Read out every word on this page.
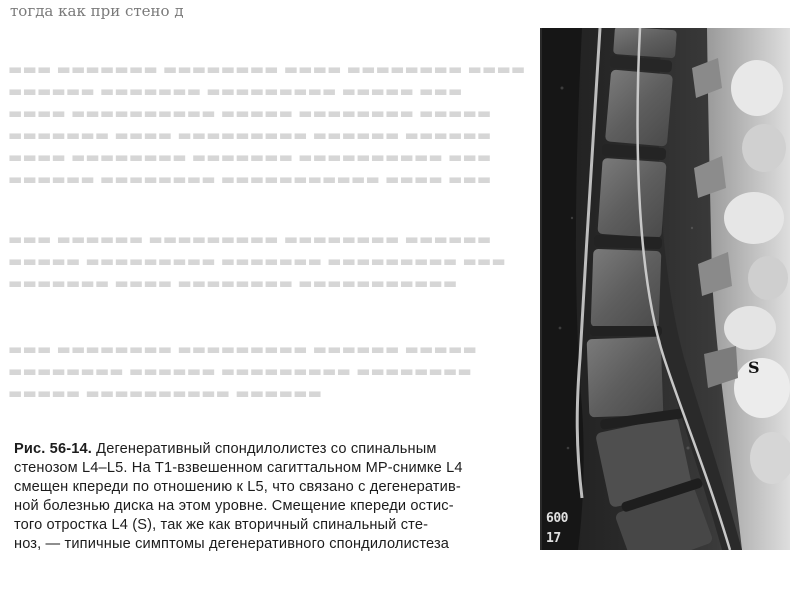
▬▬▬ ▬▬▬▬▬▬▬ ▬▬▬▬▬▬▬▬ ▬▬▬▬ ▬▬▬▬▬▬▬▬ ▬▬▬▬
▬▬▬▬▬▬ ▬▬▬▬▬▬▬ ▬▬▬▬▬▬▬▬▬ ▬▬▬▬▬ ▬▬▬
▬▬▬▬ ▬▬▬▬▬▬▬▬▬▬ ▬▬▬▬▬ ▬▬▬▬▬▬▬▬ ▬▬▬▬▬
▬▬▬▬▬▬▬ ▬▬▬▬ ▬▬▬▬▬▬▬▬▬ ▬▬▬▬▬▬ ▬▬▬▬▬▬
▬▬▬▬ ▬▬▬▬▬▬▬▬ ▬▬▬▬▬▬▬ ▬▬▬▬▬▬▬▬▬▬ ▬▬▬
▬▬▬▬▬▬ ▬▬▬▬▬▬▬▬ ▬▬▬▬▬▬▬▬▬▬▬ ▬▬▬▬ ▬▬▬
▬▬▬ ▬▬▬▬▬▬ ▬▬▬▬▬▬▬▬▬ ▬▬▬▬▬▬▬▬ ▬▬▬▬▬▬
▬▬▬▬▬ ▬▬▬▬▬▬▬▬▬ ▬▬▬▬▬▬▬ ▬▬▬▬▬▬▬▬▬ ▬▬▬
▬▬▬▬▬▬▬ ▬▬▬▬ ▬▬▬▬▬▬▬▬ ▬▬▬▬▬▬▬▬▬▬▬
▬▬▬ ▬▬▬▬▬▬▬▬ ▬▬▬▬▬▬▬▬▬ ▬▬▬▬▬▬ ▬▬▬▬▬
▬▬▬▬▬▬▬▬ ▬▬▬▬▬▬ ▬▬▬▬▬▬▬▬▬ ▬▬▬▬▬▬▬▬
▬▬▬▬▬ ▬▬▬▬▬▬▬▬▬▬ ▬▬▬▬▬▬
тогда как при стено д
S
600
17
Рис. 56-14. Дегенеративный спондилолистез со спинальным
стенозом L4–L5. На Т1-взвешенном сагиттальном МР-снимке L4
смещен кпереди по отношению к L5, что связано с дегенератив-
ной болезнью диска на этом уровне. Смещение кпереди остис-
того отростка L4 (S), так же как вторичный спинальный сте-
ноз, — типичные симптомы дегенеративного спондилолистеза
